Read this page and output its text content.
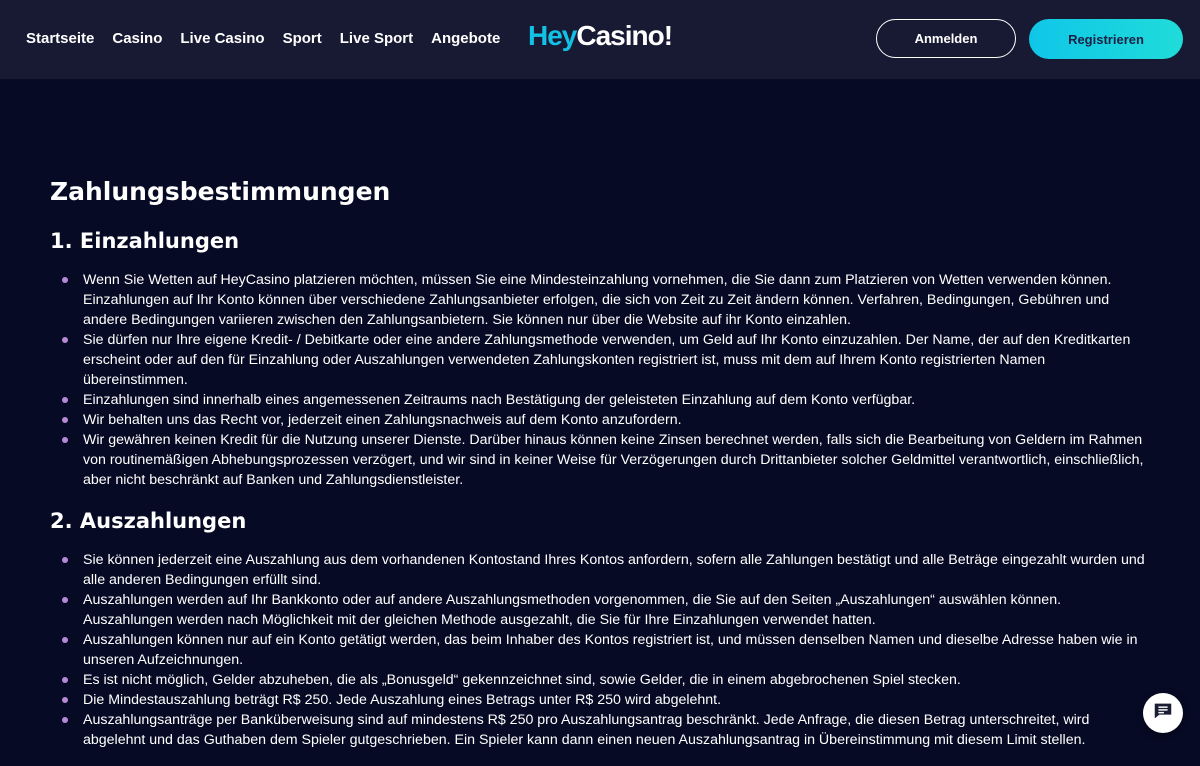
Startseite Casino Live Casino Sport Live Sport Angebote HeyCasino!	Anmelden	Registrieren
Zahlungsbestimmungen
1. Einzahlungen
Wenn Sie Wetten auf HeyCasino platzieren möchten, müssen Sie eine Mindesteinzahlung vornehmen, die Sie dann zum Platzieren von Wetten verwenden können. Einzahlungen auf Ihr Konto können über verschiedene Zahlungsanbieter erfolgen, die sich von Zeit zu Zeit ändern können. Verfahren, Bedingungen, Gebühren und andere Bedingungen variieren zwischen den Zahlungsanbietern. Sie können nur über die Website auf ihr Konto einzahlen.
Sie dürfen nur Ihre eigene Kredit- / Debitkarte oder eine andere Zahlungsmethode verwenden, um Geld auf Ihr Konto einzuzahlen. Der Name, der auf den Kreditkarten erscheint oder auf den für Einzahlung oder Auszahlungen verwendeten Zahlungskonten registriert ist, muss mit dem auf Ihrem Konto registrierten Namen übereinstimmen.
Einzahlungen sind innerhalb eines angemessenen Zeitraums nach Bestätigung der geleisteten Einzahlung auf dem Konto verfügbar.
Wir behalten uns das Recht vor, jederzeit einen Zahlungsnachweis auf dem Konto anzufordern.
Wir gewähren keinen Kredit für die Nutzung unserer Dienste. Darüber hinaus können keine Zinsen berechnet werden, falls sich die Bearbeitung von Geldern im Rahmen von routinemäßigen Abhebungsprozessen verzögert, und wir sind in keiner Weise für Verzögerungen durch Drittanbieter solcher Geldmittel verantwortlich, einschließlich, aber nicht beschränkt auf Banken und Zahlungsdienstleister.
2. Auszahlungen
Sie können jederzeit eine Auszahlung aus dem vorhandenen Kontostand Ihres Kontos anfordern, sofern alle Zahlungen bestätigt und alle Beträge eingezahlt wurden und alle anderen Bedingungen erfüllt sind.
Auszahlungen werden auf Ihr Bankkonto oder auf andere Auszahlungsmethoden vorgenommen, die Sie auf den Seiten „Auszahlungen“ auswählen können. Auszahlungen werden nach Möglichkeit mit der gleichen Methode ausgezahlt, die Sie für Ihre Einzahlungen verwendet hatten.
Auszahlungen können nur auf ein Konto getätigt werden, das beim Inhaber des Kontos registriert ist, und müssen denselben Namen und dieselbe Adresse haben wie in unseren Aufzeichnungen.
Es ist nicht möglich, Gelder abzuheben, die als „Bonusgeld“ gekennzeichnet sind, sowie Gelder, die in einem abgebrochenen Spiel stecken.
Die Mindestauszahlung beträgt R$ 250. Jede Auszahlung eines Betrags unter R$ 250 wird abgelehnt.
Auszahlungsanträge per Banküberweisung sind auf mindestens R$ 250 pro Auszahlungsantrag beschränkt. Jede Anfrage, die diesen Betrag unterschreitet, wird abgelehnt und das Guthaben dem Spieler gutgeschrieben. Ein Spieler kann dann einen neuen Auszahlungsantrag in Übereinstimmung mit diesem Limit stellen.
